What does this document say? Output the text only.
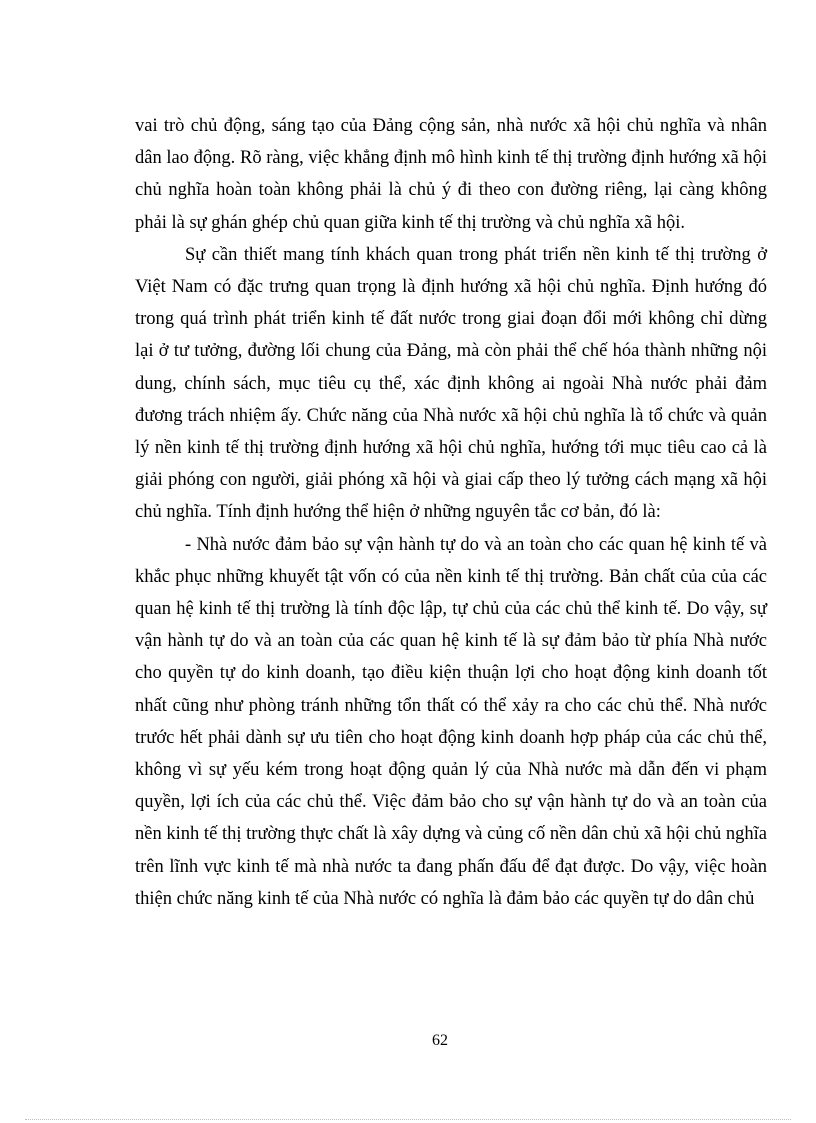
vai trò chủ động, sáng tạo của Đảng cộng sản, nhà nước xã hội chủ nghĩa và nhân dân lao động. Rõ ràng, việc khẳng định mô hình kinh tế thị trường định hướng xã hội chủ nghĩa hoàn toàn không phải là chủ ý đi theo con đường riêng, lại càng không phải là sự ghán ghép chủ quan giữa kinh tế thị trường và chủ nghĩa xã hội.

Sự cần thiết mang tính khách quan trong phát triển nền kinh tế thị trường ở Việt Nam có đặc trưng quan trọng là định hướng xã hội chủ nghĩa. Định hướng đó trong quá trình phát triển kinh tế đất nước trong giai đoạn đổi mới không chỉ dừng lại ở tư tưởng, đường lối chung của Đảng, mà còn phải thể chế hóa thành những nội dung, chính sách, mục tiêu cụ thể, xác định không ai ngoài Nhà nước phải đảm đương trách nhiệm ấy. Chức năng của Nhà nước xã hội chủ nghĩa là tổ chức và quản lý nền kinh tế thị trường định hướng xã hội chủ nghĩa, hướng tới mục tiêu cao cả là giải phóng con người, giải phóng xã hội và giai cấp theo lý tưởng cách mạng xã hội chủ nghĩa. Tính định hướng thể hiện ở những nguyên tắc cơ bản, đó là:

- Nhà nước đảm bảo sự vận hành tự do và an toàn cho các quan hệ kinh tế và khắc phục những khuyết tật vốn có của nền kinh tế thị trường. Bản chất của của các quan hệ kinh tế thị trường là tính độc lập, tự chủ của các chủ thể kinh tế. Do vậy, sự vận hành tự do và an toàn của các quan hệ kinh tế là sự đảm bảo từ phía Nhà nước cho quyền tự do kinh doanh, tạo điều kiện thuận lợi cho hoạt động kinh doanh tốt nhất cũng như phòng tránh những tổn thất có thể xảy ra cho các chủ thể. Nhà nước trước hết phải dành sự ưu tiên cho hoạt động kinh doanh hợp pháp của các chủ thể, không vì sự yếu kém trong hoạt động quản lý của Nhà nước mà dẫn đến vi phạm quyền, lợi ích của các chủ thể. Việc đảm bảo cho sự vận hành tự do và an toàn của nền kinh tế thị trường thực chất là xây dựng và củng cố nền dân chủ xã hội chủ nghĩa trên lĩnh vực kinh tế mà nhà nước ta đang phấn đấu để đạt được. Do vậy, việc hoàn thiện chức năng kinh tế của Nhà nước có nghĩa là đảm bảo các quyền tự do dân chủ

62
